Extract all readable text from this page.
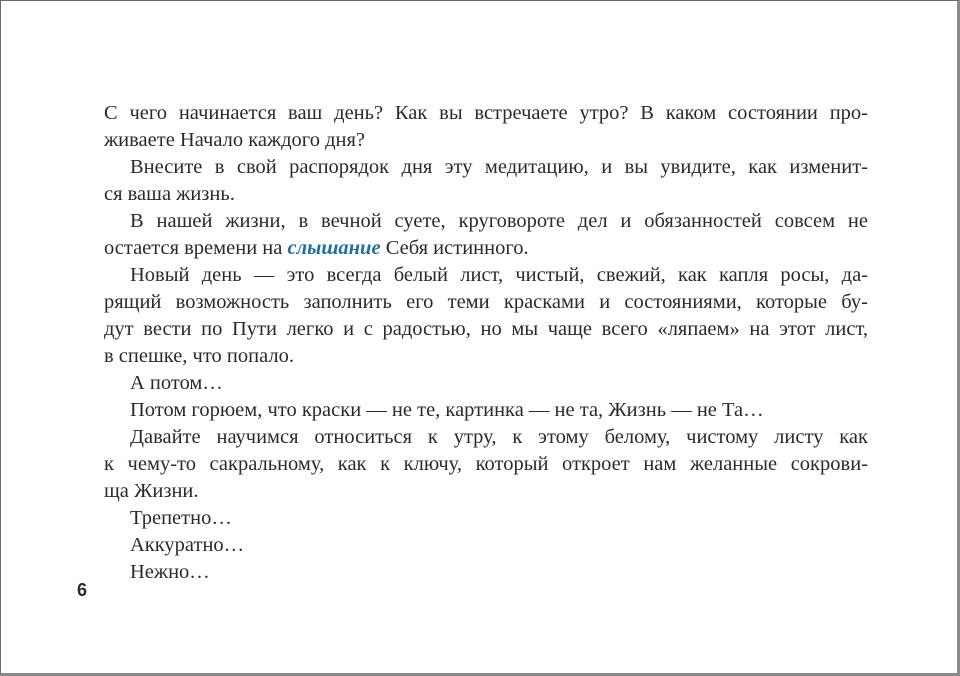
С чего начинается ваш день? Как вы встречаете утро? В каком состоянии про-
живаете Начало каждого дня?
Внесите в свой распорядок дня эту медитацию, и вы увидите, как изменит-
ся ваша жизнь.
В нашей жизни, в вечной суете, круговороте дел и обязанностей совсем не
остается времени на слышание Себя истинного.
Новый день — это всегда белый лист, чистый, свежий, как капля росы, да-
рящий возможность заполнить его теми красками и состояниями, которые бу-
дут вести по Пути легко и с радостью, но мы чаще всего «ляпаем» на этот лист,
в спешке, что попало.
А потом…
Потом горюем, что краски — не те, картинка — не та, Жизнь — не Та…
Давайте научимся относиться к утру, к этому белому, чистому листу как
к чему-то сакральному, как к ключу, который откроет нам желанные сокрови-
ща Жизни.
Трепетно…
Аккуратно…
Нежно…
6
